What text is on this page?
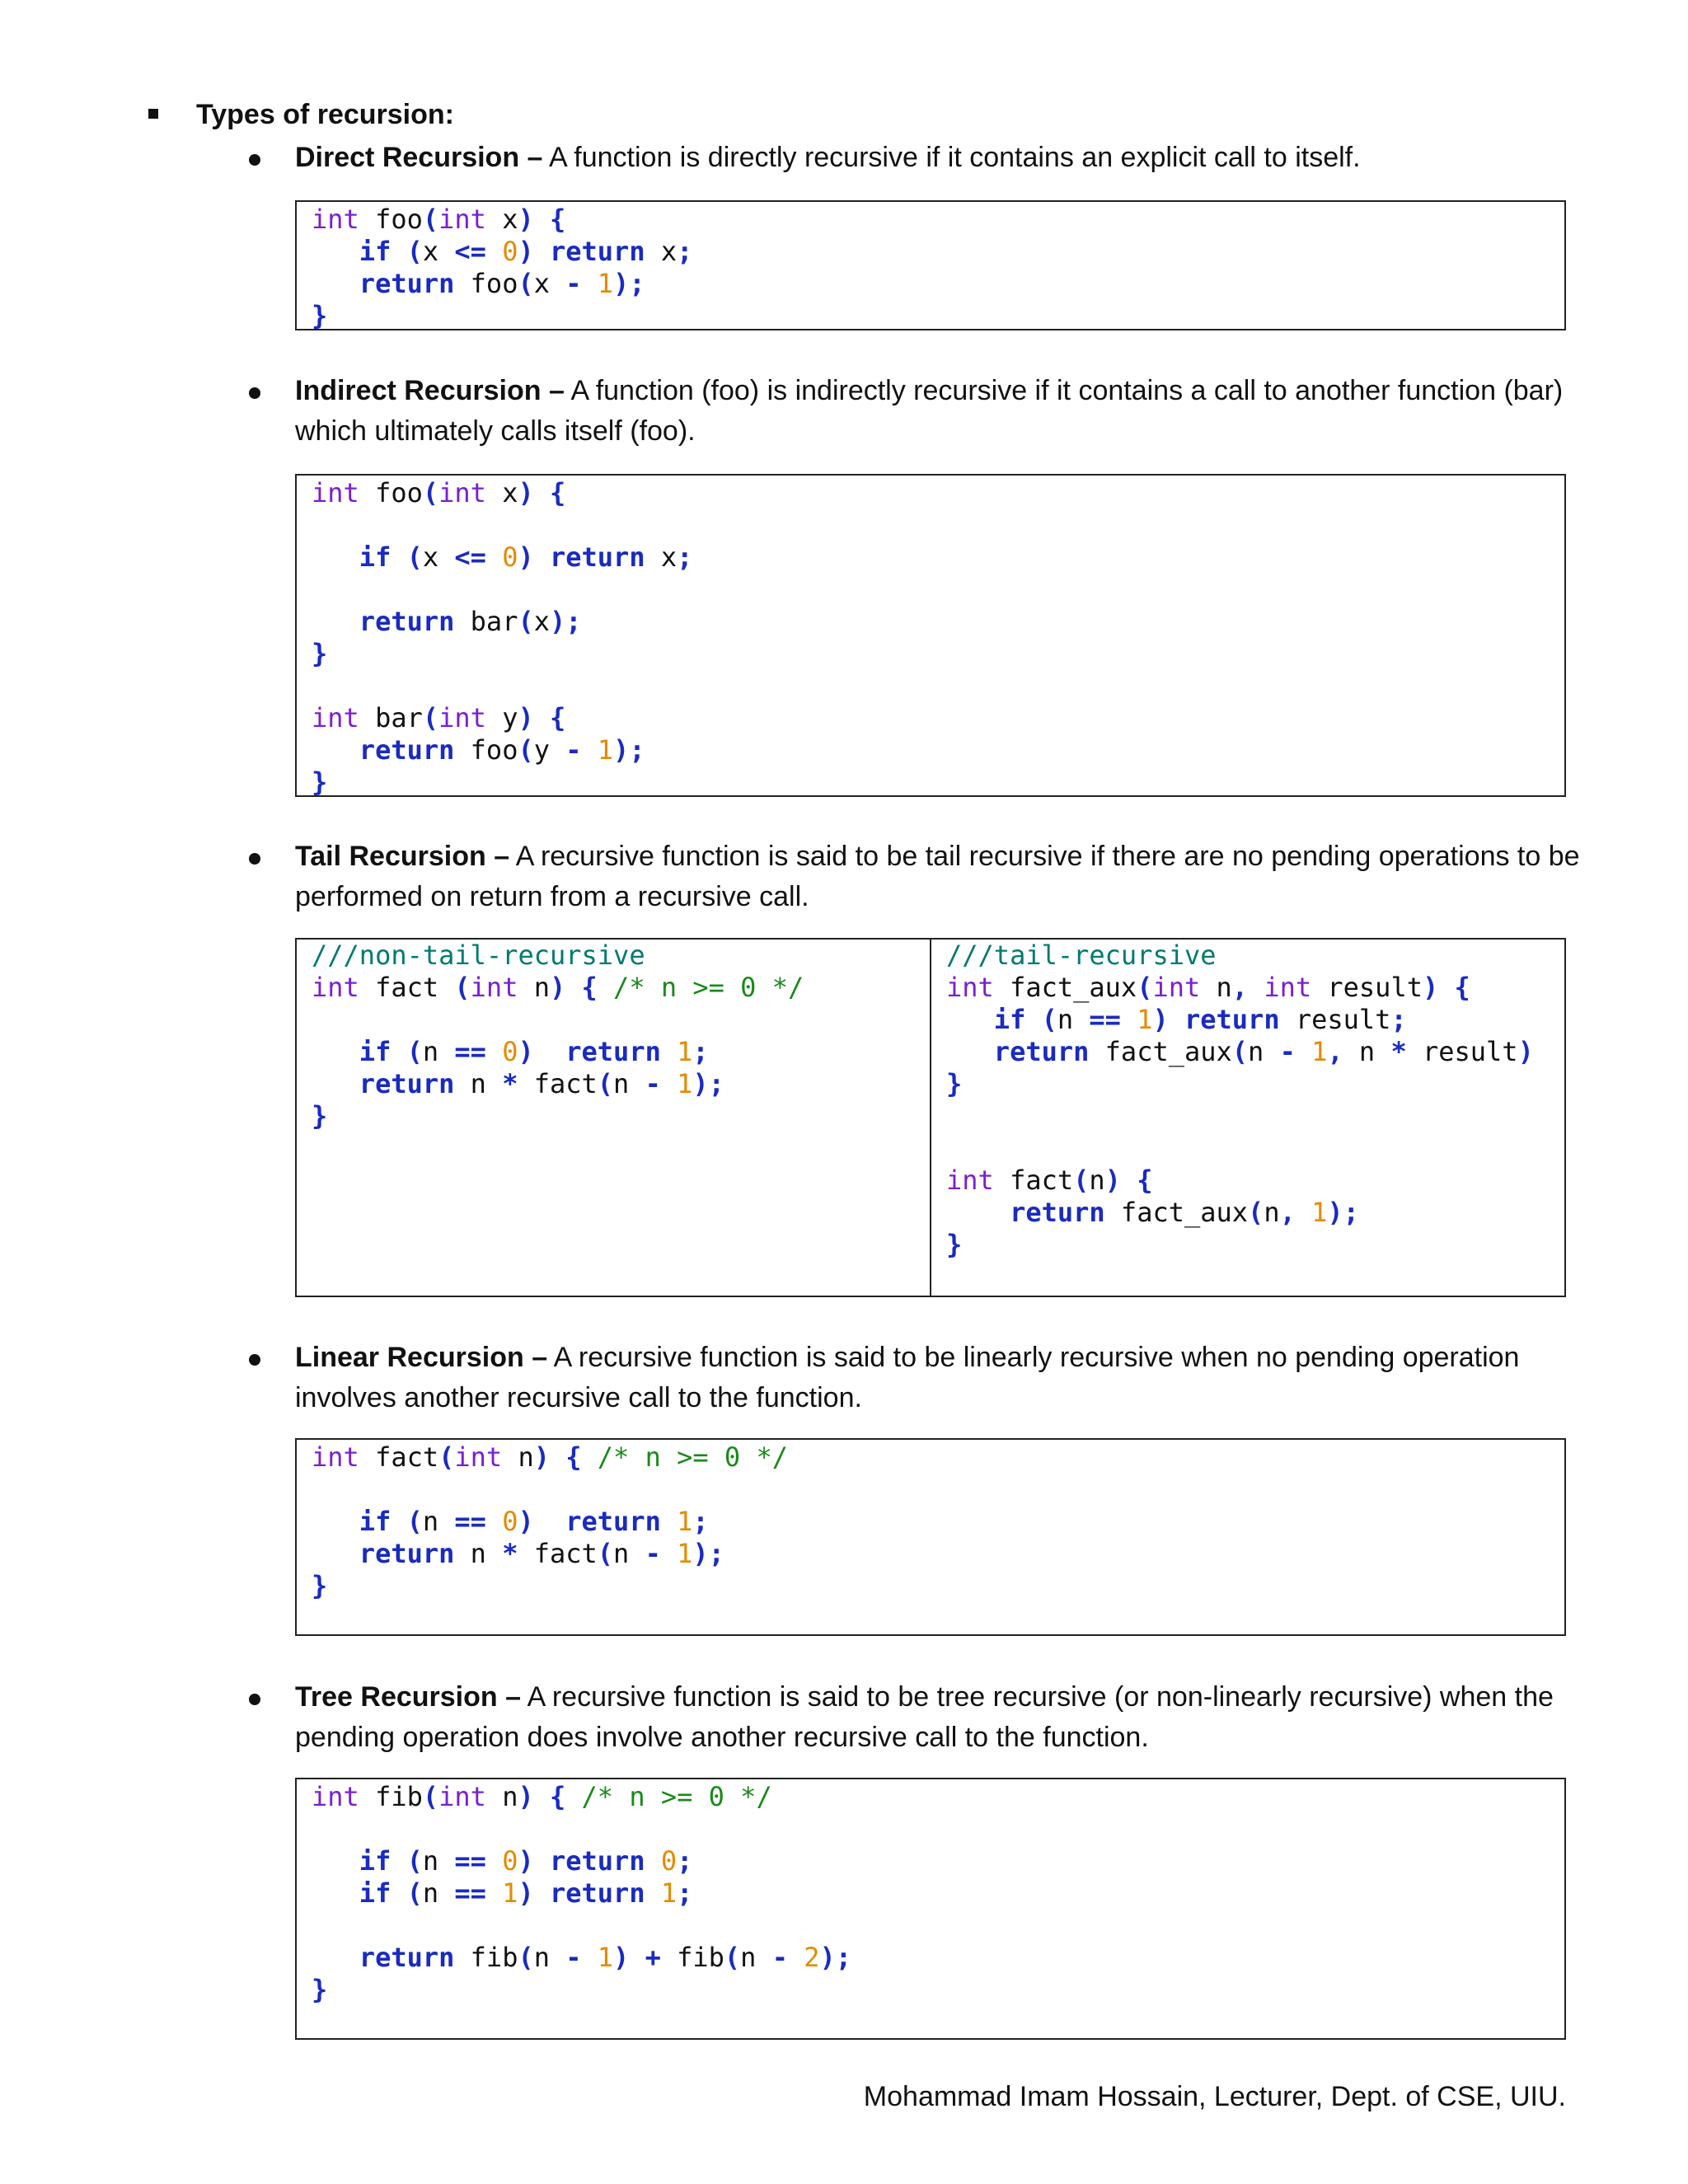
Types of recursion:
Direct Recursion – A function is directly recursive if it contains an explicit call to itself.
int foo(int x) {
if (x <= 0) return x;
return foo(x - 1);
}
Indirect Recursion – A function (foo) is indirectly recursive if it contains a call to another function (bar) which ultimately calls itself (foo).
int foo(int x) {
if (x <= 0) return x;
return bar(x);
}
int bar(int y) {
return foo(y - 1);
}
Tail Recursion – A recursive function is said to be tail recursive if there are no pending operations to be performed on return from a recursive call.
///non-tail-recursive
int fact (int n) { /* n >= 0 */
if (n == 0) return 1;
return n * fact(n - 1);
}
///tail-recursive
int fact_aux(int n, int result) {
if (n == 1) return result;
return fact_aux(n - 1, n * result)
}
int fact(n) {
return fact_aux(n, 1);
}
Linear Recursion – A recursive function is said to be linearly recursive when no pending operation involves another recursive call to the function.
int fact(int n) { /* n >= 0 */
if (n == 0) return 1;
return n * fact(n - 1);
}
Tree Recursion – A recursive function is said to be tree recursive (or non-linearly recursive) when the pending operation does involve another recursive call to the function.
int fib(int n) { /* n >= 0 */
if (n == 0) return 0;
if (n == 1) return 1;
return fib(n - 1) + fib(n - 2);
}
Mohammad Imam Hossain, Lecturer, Dept. of CSE, UIU.
